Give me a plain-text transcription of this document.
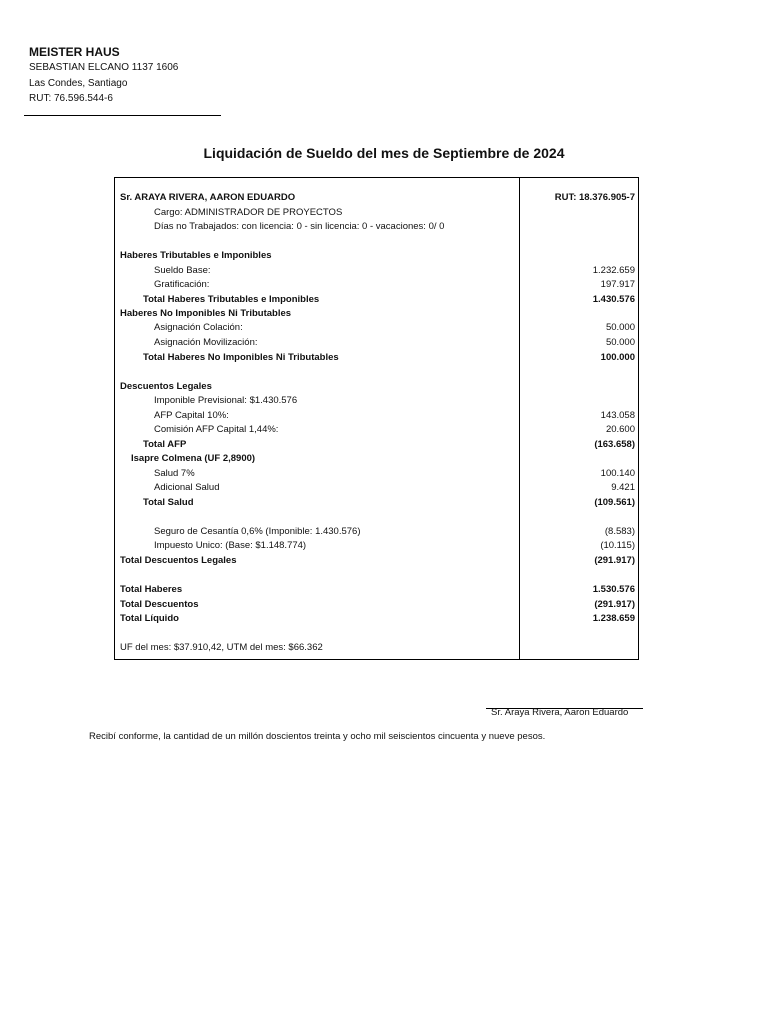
MEISTER HAUS
SEBASTIAN ELCANO 1137 1606
Las Condes, Santiago
RUT: 76.596.544-6
Liquidación de Sueldo del mes de Septiembre de 2024
Sr. ARAYA RIVERA, AARON EDUARDO	RUT: 18.376.905-7
Cargo: ADMINISTRADOR DE PROYECTOS
Días no Trabajados: con licencia: 0 - sin licencia: 0 - vacaciones: 0/ 0
Haberes Tributables e Imponibles
Sueldo Base:	1.232.659
Gratificación:	197.917
Total Haberes Tributables e Imponibles	1.430.576
Haberes No Imponibles Ni Tributables
Asignación Colación:	50.000
Asignación Movilización:	50.000
Total Haberes No Imponibles Ni Tributables	100.000
Descuentos Legales
Imponible Previsional: $1.430.576
AFP Capital 10%:	143.058
Comisión AFP Capital 1,44%:	20.600
Total AFP	(163.658)
Isapre Colmena (UF 2,8900)
Salud 7%	100.140
Adicional Salud	9.421
Total Salud	(109.561)
Seguro de Cesantía 0,6% (Imponible: 1.430.576)	(8.583)
Impuesto Unico: (Base: $1.148.774)	(10.115)
Total Descuentos Legales	(291.917)
Total Haberes	1.530.576
Total Descuentos	(291.917)
Total Líquido	1.238.659
UF del mes: $37.910,42, UTM del mes: $66.362
Sr. Araya Rivera, Aaron Eduardo
Recibí conforme, la cantidad de un millón doscientos treinta y ocho mil seiscientos cincuenta y nueve pesos.
